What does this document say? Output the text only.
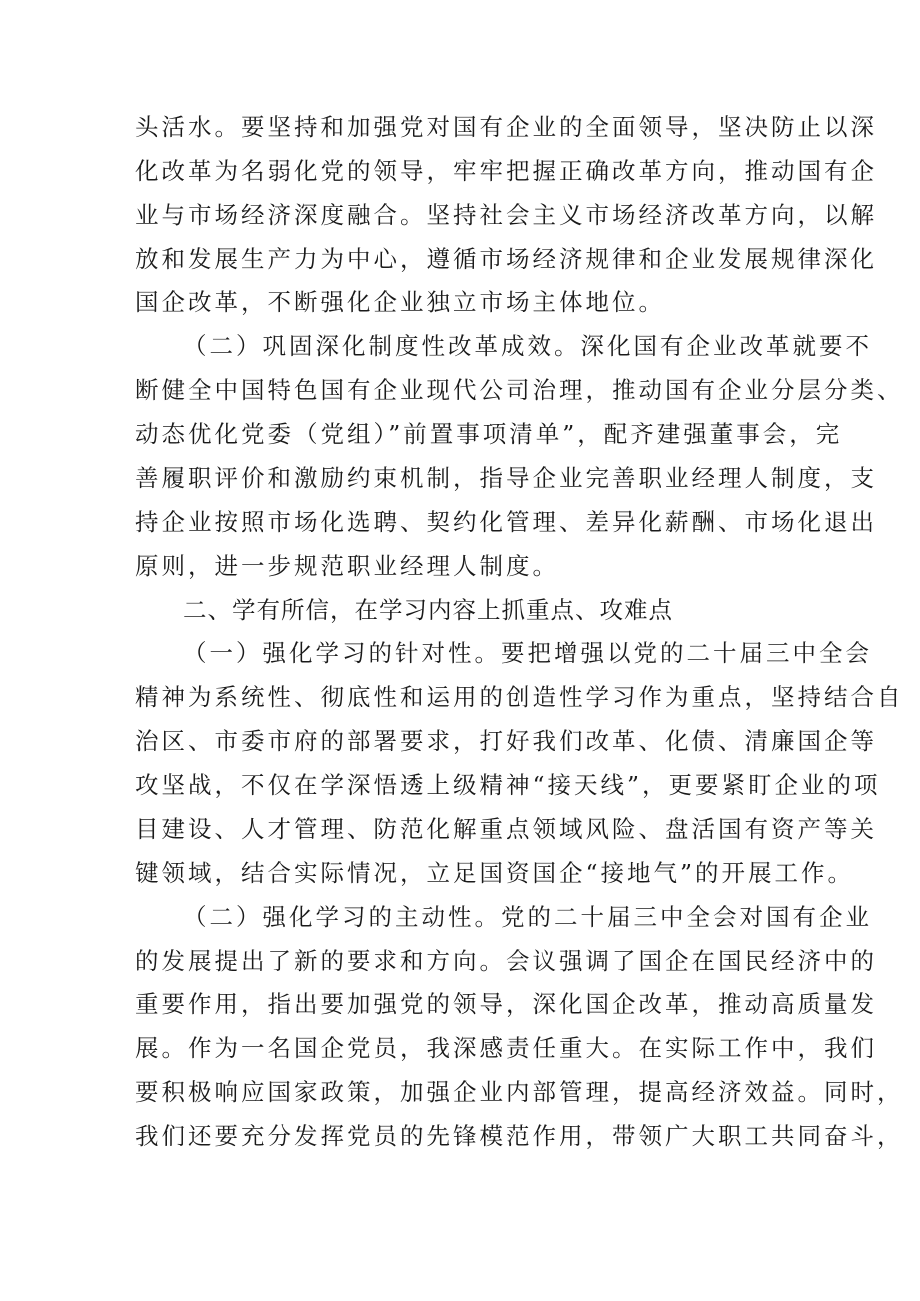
头活水。要坚持和加强党对国有企业的全面领导，坚决防止以深
化改革为名弱化党的领导，牢牢把握正确改革方向，推动国有企
业与市场经济深度融合。坚持社会主义市场经济改革方向，以解
放和发展生产力为中心，遵循市场经济规律和企业发展规律深化
国企改革，不断强化企业独立市场主体地位。
（二）巩固深化制度性改革成效。深化国有企业改革就要不
断健全中国特色国有企业现代公司治理，推动国有企业分层分类、
动态优化党委（党组）”前置事项清单”，配齐建强董事会，完
善履职评价和激励约束机制，指导企业完善职业经理人制度，支
持企业按照市场化选聘、契约化管理、差异化薪酬、市场化退出
原则，进一步规范职业经理人制度。
二、学有所信，在学习内容上抓重点、攻难点
（一）强化学习的针对性。要把增强以党的二十届三中全会
精神为系统性、彻底性和运用的创造性学习作为重点，坚持结合自
治区、市委市府的部署要求，打好我们改革、化债、清廉国企等
攻坚战，不仅在学深悟透上级精神“接天线”，更要紧盯企业的项
目建设、人才管理、防范化解重点领域风险、盘活国有资产等关
键领域，结合实际情况，立足国资国企“接地气”的开展工作。
（二）强化学习的主动性。党的二十届三中全会对国有企业
的发展提出了新的要求和方向。会议强调了国企在国民经济中的
重要作用，指出要加强党的领导，深化国企改革，推动高质量发
展。作为一名国企党员，我深感责任重大。在实际工作中，我们
要积极响应国家政策，加强企业内部管理，提高经济效益。同时，
我们还要充分发挥党员的先锋模范作用，带领广大职工共同奋斗，
